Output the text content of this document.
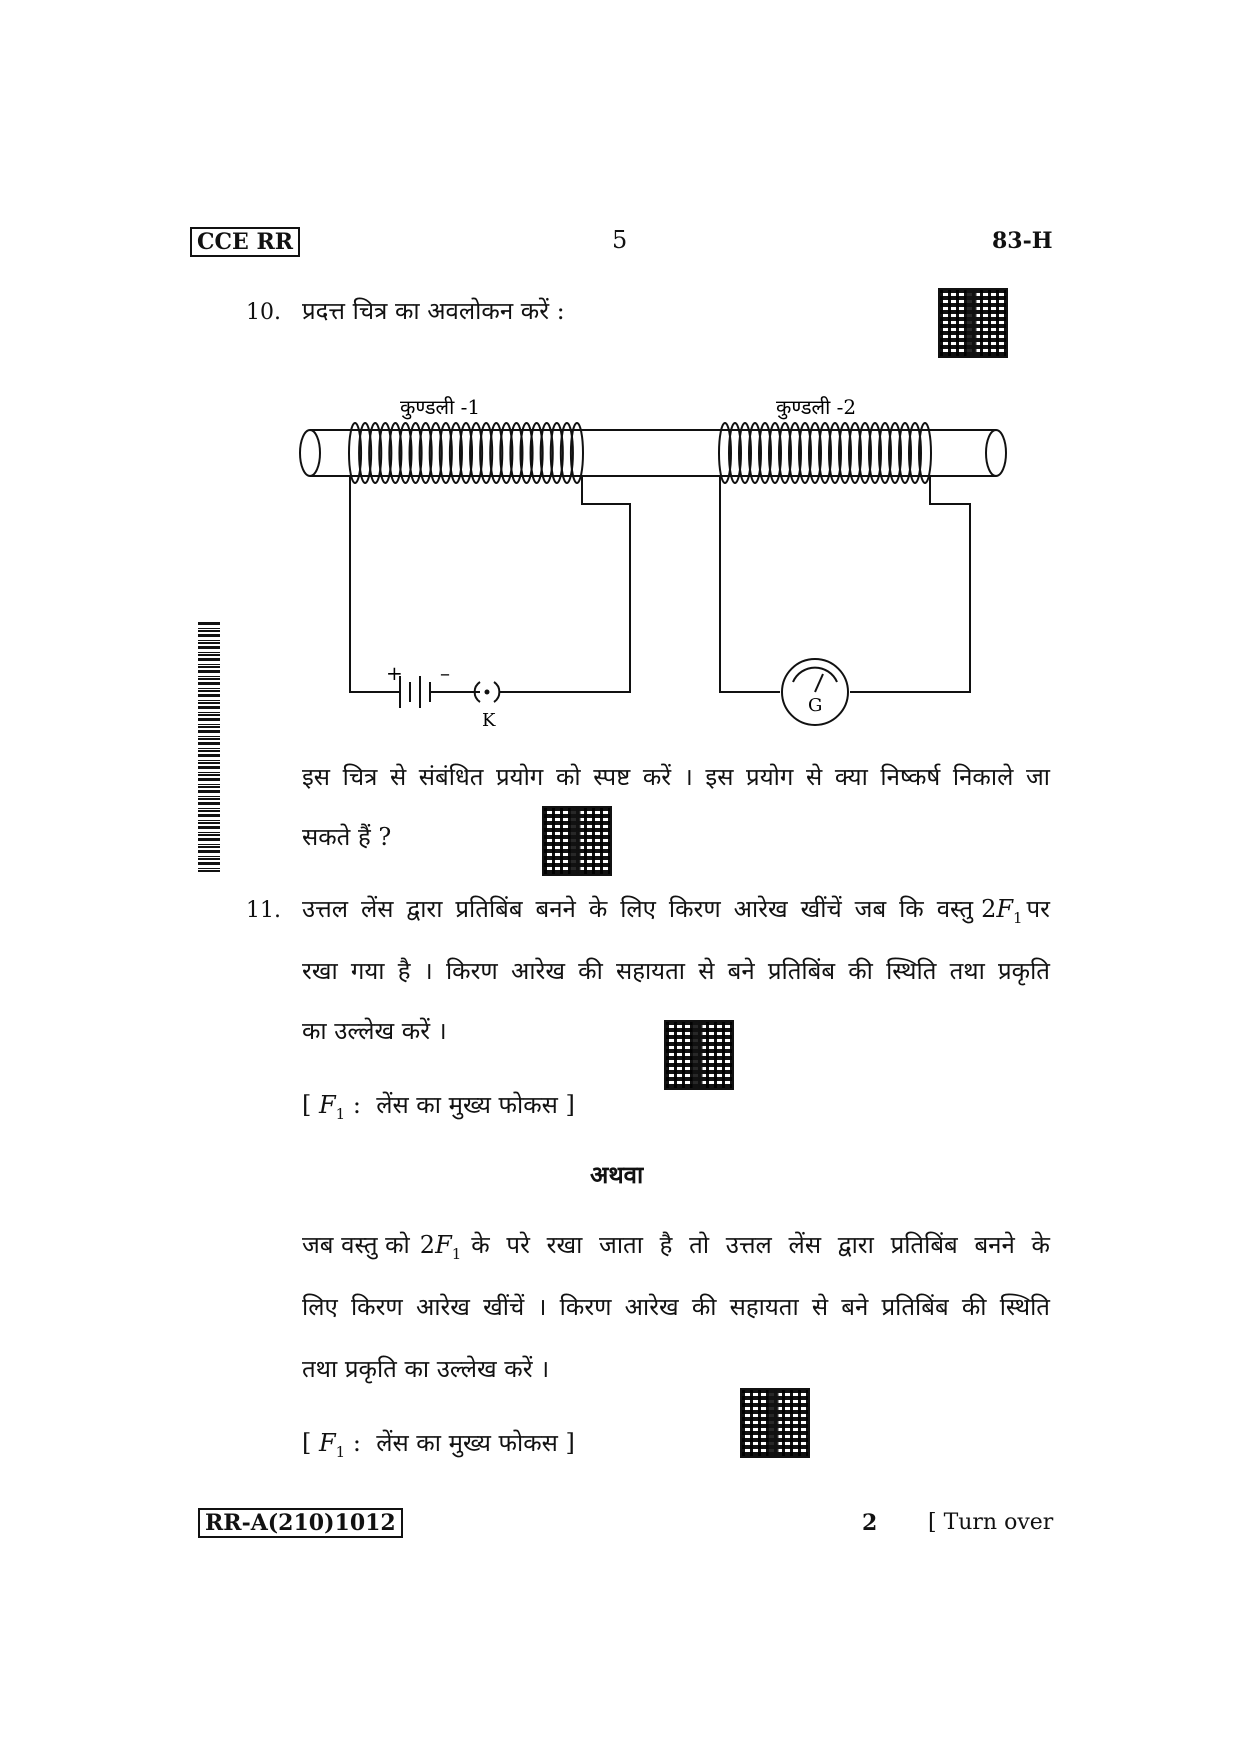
CCE RR	5	83-H
10. प्रदत्त चित्र का अवलोकन करें :
कुण्डली -1	कुण्डली -2
+ –
K
G
इस चित्र से संबंधित प्रयोग को स्पष्ट करें । इस प्रयोग से क्या निष्कर्ष निकाले जा
सकते हैं ?
11. उत्तल लेंस द्वारा प्रतिबिंब बनने के लिए किरण आरेख खींचें जब कि वस्तु $2F_1$ पर
रखा गया है । किरण आरेख की सहायता से बने प्रतिबिंब की स्थिति तथा प्रकृति
का उल्लेख करें ।
[ $F_1$ :  लेंस का मुख्य फोकस ]
अथवा
जब वस्तु को $2F_1$ के परे रखा जाता है तो उत्तल लेंस द्वारा प्रतिबिंब बनने के
लिए किरण आरेख खींचें । किरण आरेख की सहायता से बने प्रतिबिंब की स्थिति
तथा प्रकृति का उल्लेख करें ।
[ $F_1$ :  लेंस का मुख्य फोकस ]
RR-A(210)1012	2 [ Turn over
